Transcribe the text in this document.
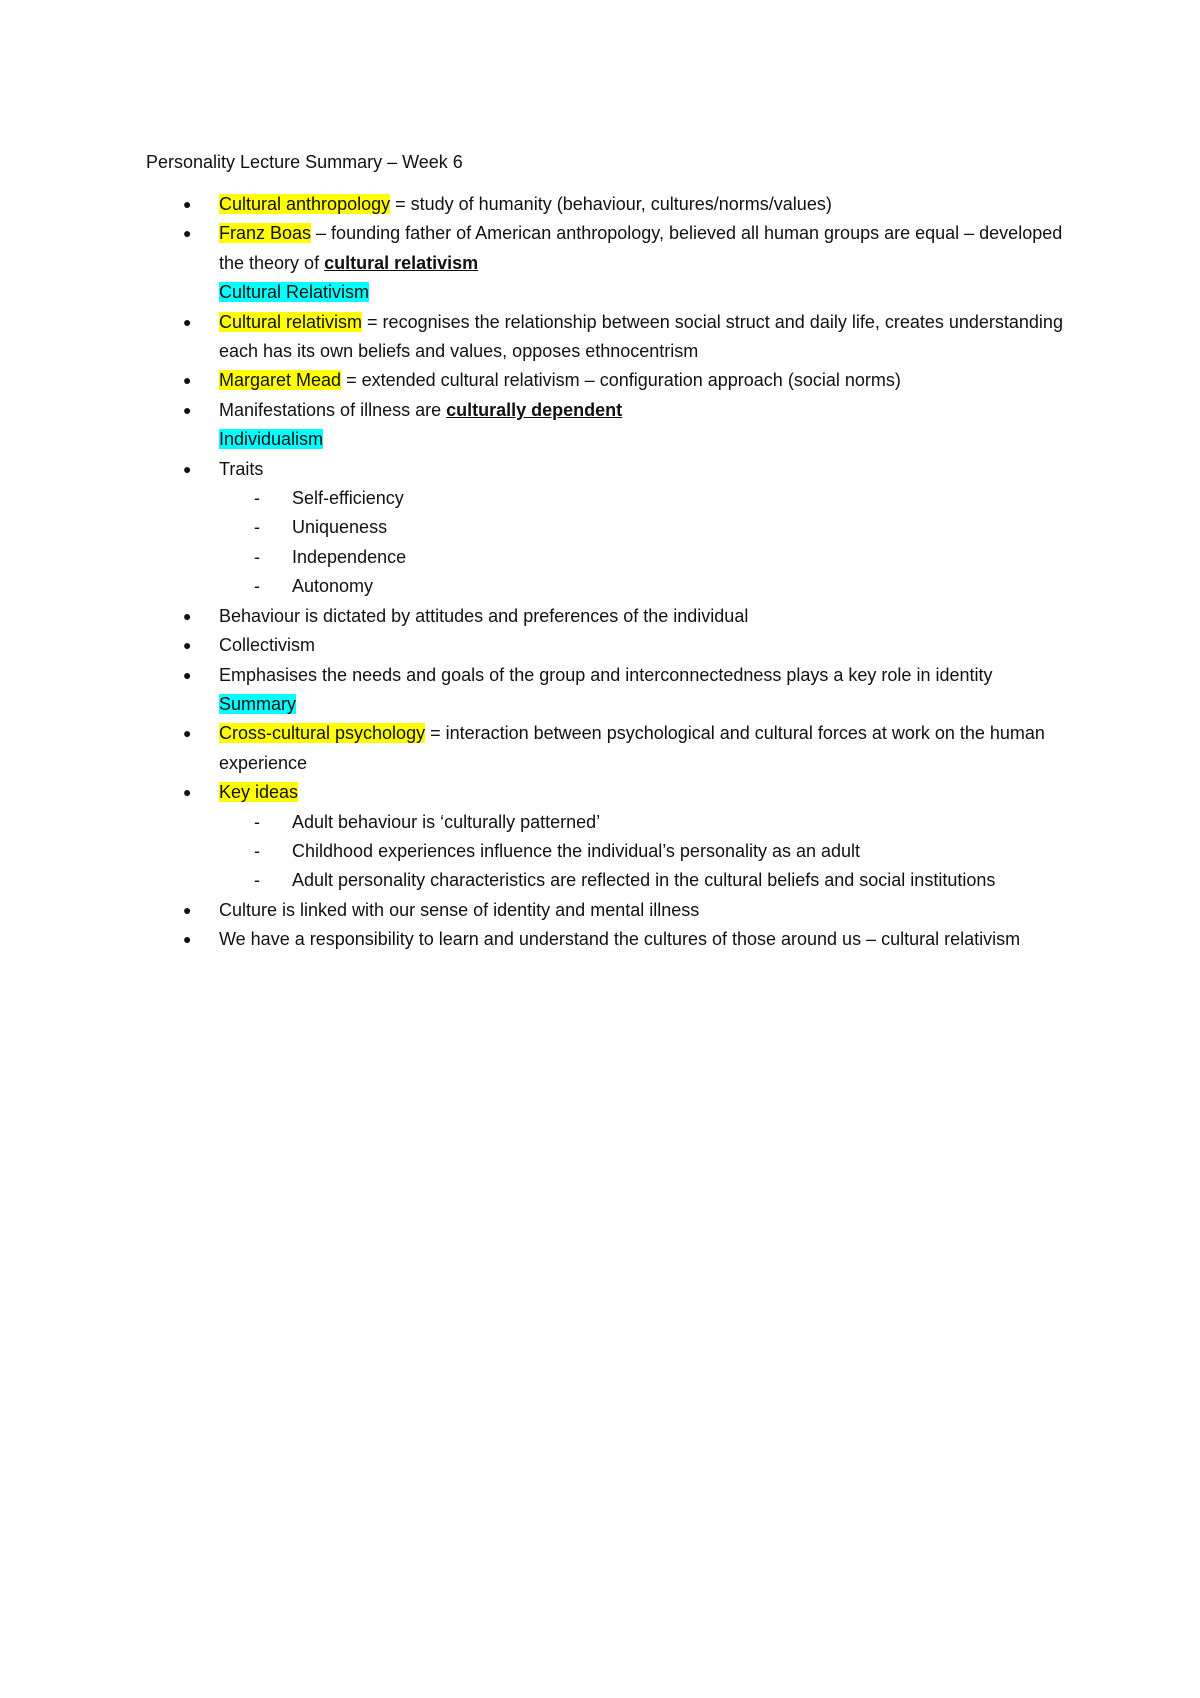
Personality Lecture Summary – Week 6
● Cultural anthropology = study of humanity (behaviour, cultures/norms/values)
● Franz Boas – founding father of American anthropology, believed all human groups are equal – developed the theory of cultural relativism
Cultural Relativism
● Cultural relativism = recognises the relationship between social struct and daily life, creates understanding each has its own beliefs and values, opposes ethnocentrism
● Margaret Mead = extended cultural relativism – configuration approach (social norms)
● Manifestations of illness are culturally dependent
Individualism
● Traits
- Self-efficiency
- Uniqueness
- Independence
- Autonomy
● Behaviour is dictated by attitudes and preferences of the individual
● Collectivism
● Emphasises the needs and goals of the group and interconnectedness plays a key role in identity
Summary
● Cross-cultural psychology = interaction between psychological and cultural forces at work on the human experience
● Key ideas
- Adult behaviour is ‘culturally patterned’
- Childhood experiences influence the individual’s personality as an adult
- Adult personality characteristics are reflected in the cultural beliefs and social institutions
● Culture is linked with our sense of identity and mental illness
● We have a responsibility to learn and understand the cultures of those around us – cultural relativism
